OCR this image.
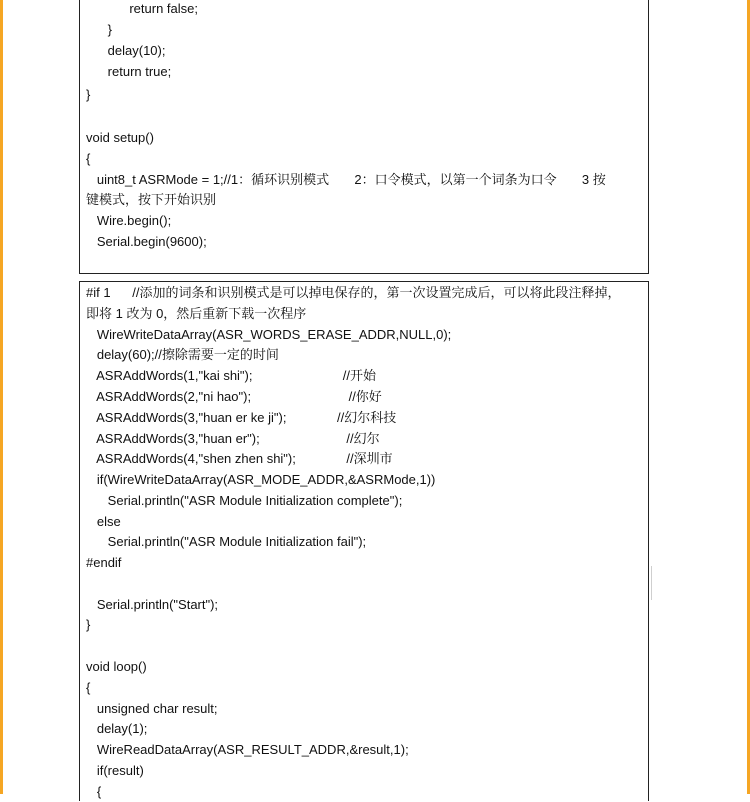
return false;
}
delay(10);
return true;
}
void setup()
{
uint8_t ASRMode = 1;//1：循环识别模式       2：口令模式，以第一个词条为口令       3 按
键模式，按下开始识别
Wire.begin();
Serial.begin(9600);
#if 1      //添加的词条和识别模式是可以掉电保存的，第一次设置完成后，可以将此段注释掉，
即将 1 改为 0，然后重新下载一次程序
WireWriteDataArray(ASR_WORDS_ERASE_ADDR,NULL,0);
delay(60);//擦除需要一定的时间
ASRAddWords(1,"kai shi");                         //开始
ASRAddWords(2,"ni hao");                           //你好
ASRAddWords(3,"huan er ke ji");              //幻尔科技
ASRAddWords(3,"huan er");                        //幻尔
ASRAddWords(4,"shen zhen shi");              //深圳市
if(WireWriteDataArray(ASR_MODE_ADDR,&ASRMode,1))
Serial.println("ASR Module Initialization complete");
else
Serial.println("ASR Module Initialization fail");
#endif
Serial.println("Start");
}
void loop()
{
unsigned char result;
delay(1);
WireReadDataArray(ASR_RESULT_ADDR,&result,1);
if(result)
{
